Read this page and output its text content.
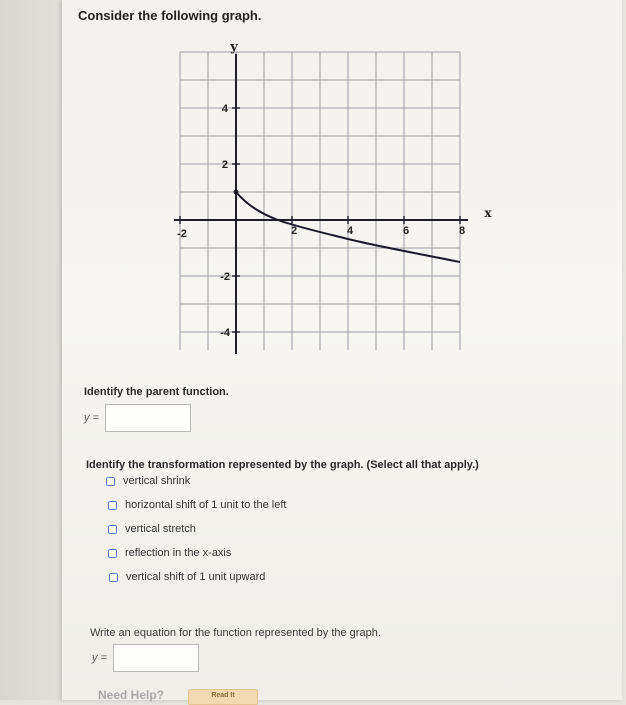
Consider the following graph.
y
x
-2	2	4	6	8
4
2
-2
-4
Identify the parent function.
y =
Identify the transformation represented by the graph. (Select all that apply.)
vertical shrink
horizontal shift of 1 unit to the left
vertical stretch
reflection in the x-axis
vertical shift of 1 unit upward
Write an equation for the function represented by the graph.
y =
Need Help?	Read It
